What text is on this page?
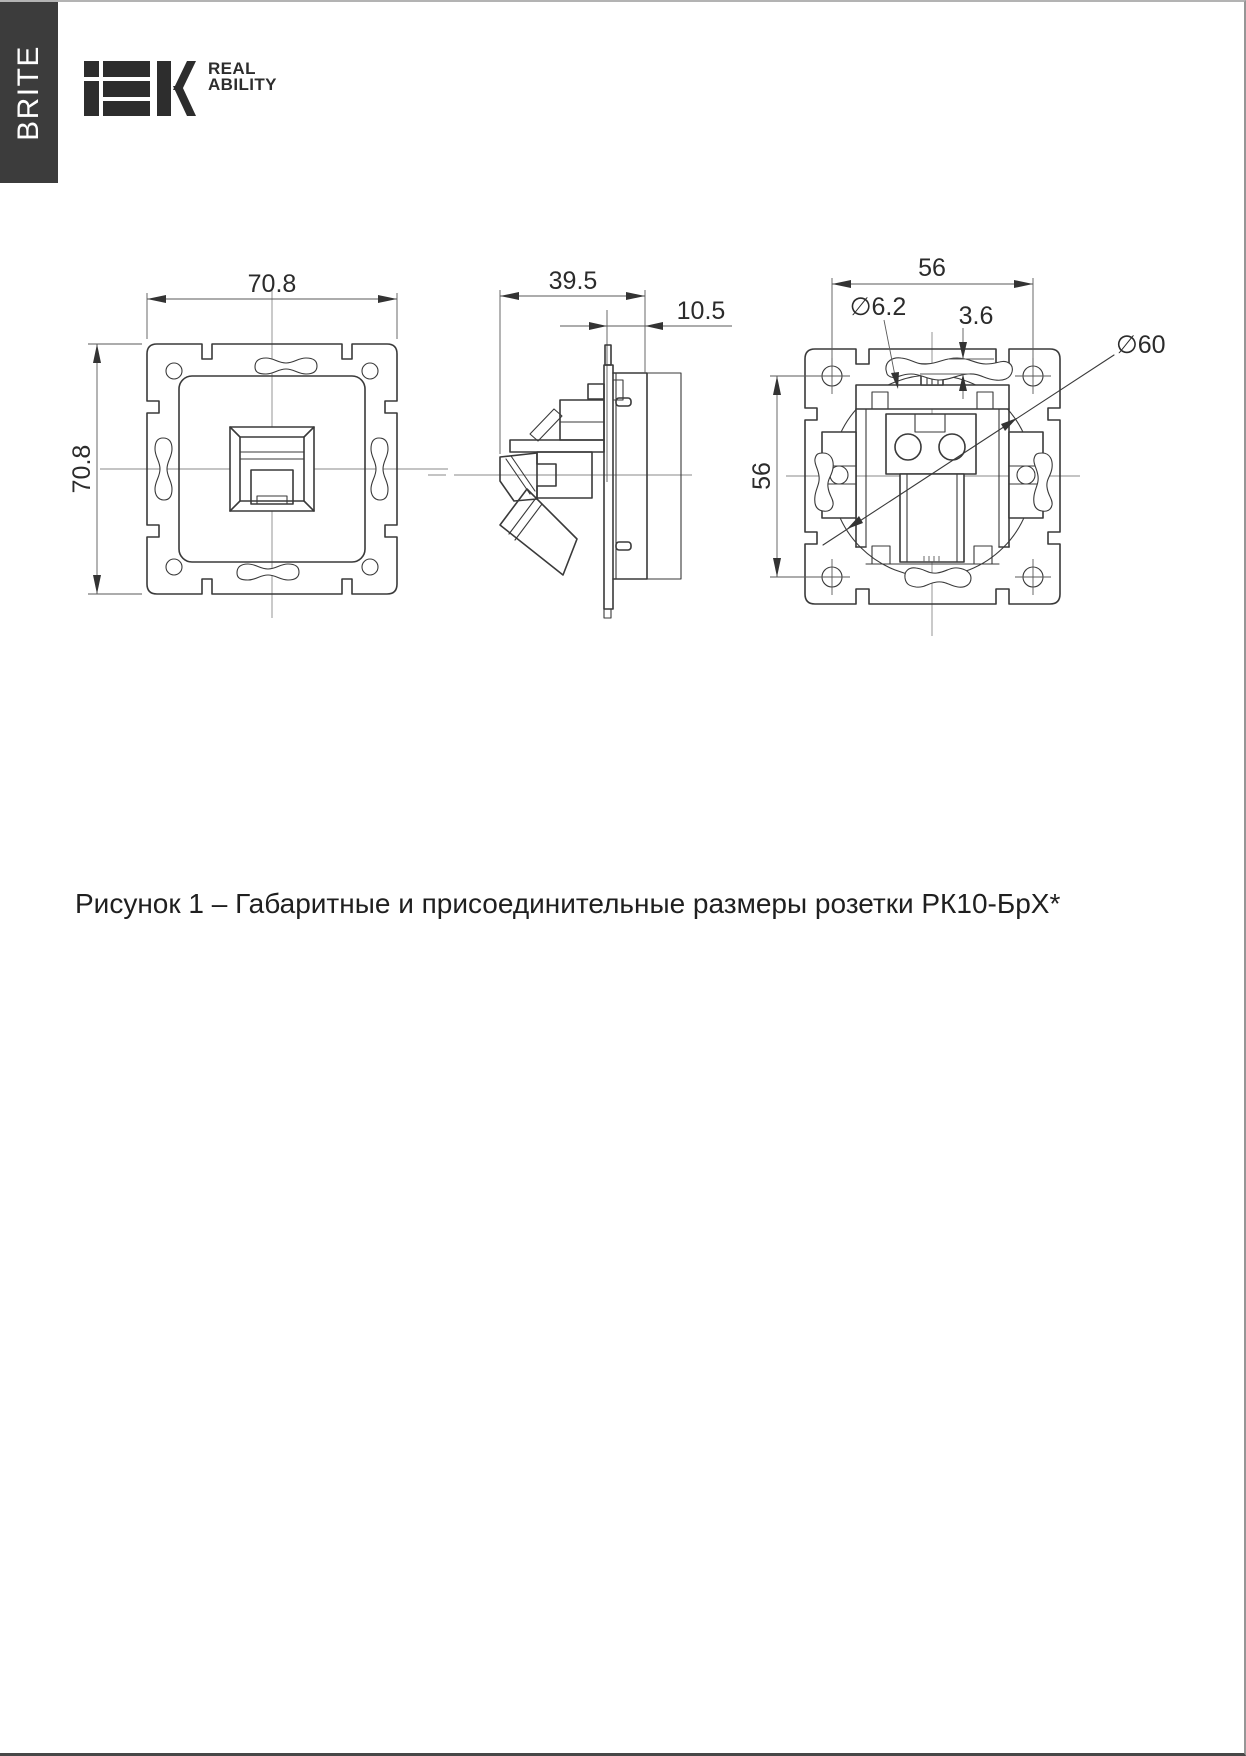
BRITE	REAL
ABILITY
70.8
70.8
39.5
10.5
56
56
∅6.2 3.6
∅60
Рисунок 1 – Габаритные и присоединительные размеры розетки РК10-БрХ*
